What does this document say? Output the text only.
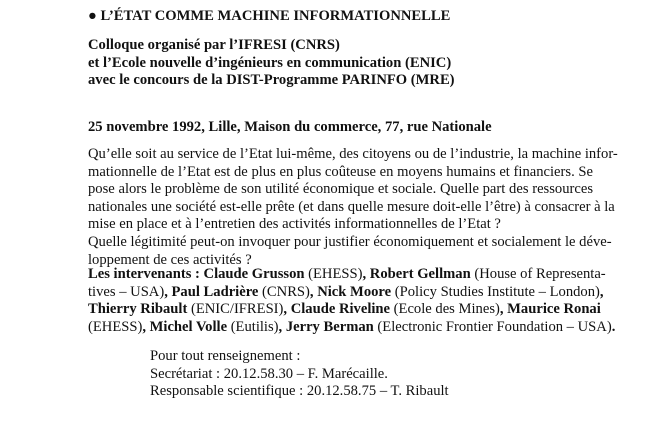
● L’ÉTAT COMME MACHINE INFORMATIONNELLE
Colloque organisé par l’IFRESI (CNRS)
et l’Ecole nouvelle d’ingénieurs en communication (ENIC)
avec le concours de la DIST-Programme PARINFO (MRE)
25 novembre 1992, Lille, Maison du commerce, 77, rue Nationale
Qu’elle soit au service de l’Etat lui-même, des citoyens ou de l’industrie, la machine infor-
mationnelle de l’Etat est de plus en plus coûteuse en moyens humains et financiers. Se
pose alors le problème de son utilité économique et sociale. Quelle part des ressources
nationales une société est-elle prête (et dans quelle mesure doit-elle l’être) à consacrer à la
mise en place et à l’entretien des activités informationnelles de l’Etat ?
Quelle légitimité peut-on invoquer pour justifier économiquement et socialement le déve-
loppement de ces activités ?
Les intervenants : Claude Grusson (EHESS), Robert Gellman (House of Representa-
tives – USA), Paul Ladrière (CNRS), Nick Moore (Policy Studies Institute – London),
Thierry Ribault (ENIC/IFRESI), Claude Riveline (Ecole des Mines), Maurice Ronai
(EHESS), Michel Volle (Eutilis), Jerry Berman (Electronic Frontier Foundation – USA).
Pour tout renseignement :
Secrétariat : 20.12.58.30 – F. Marécaille.
Responsable scientifique : 20.12.58.75 – T. Ribault
